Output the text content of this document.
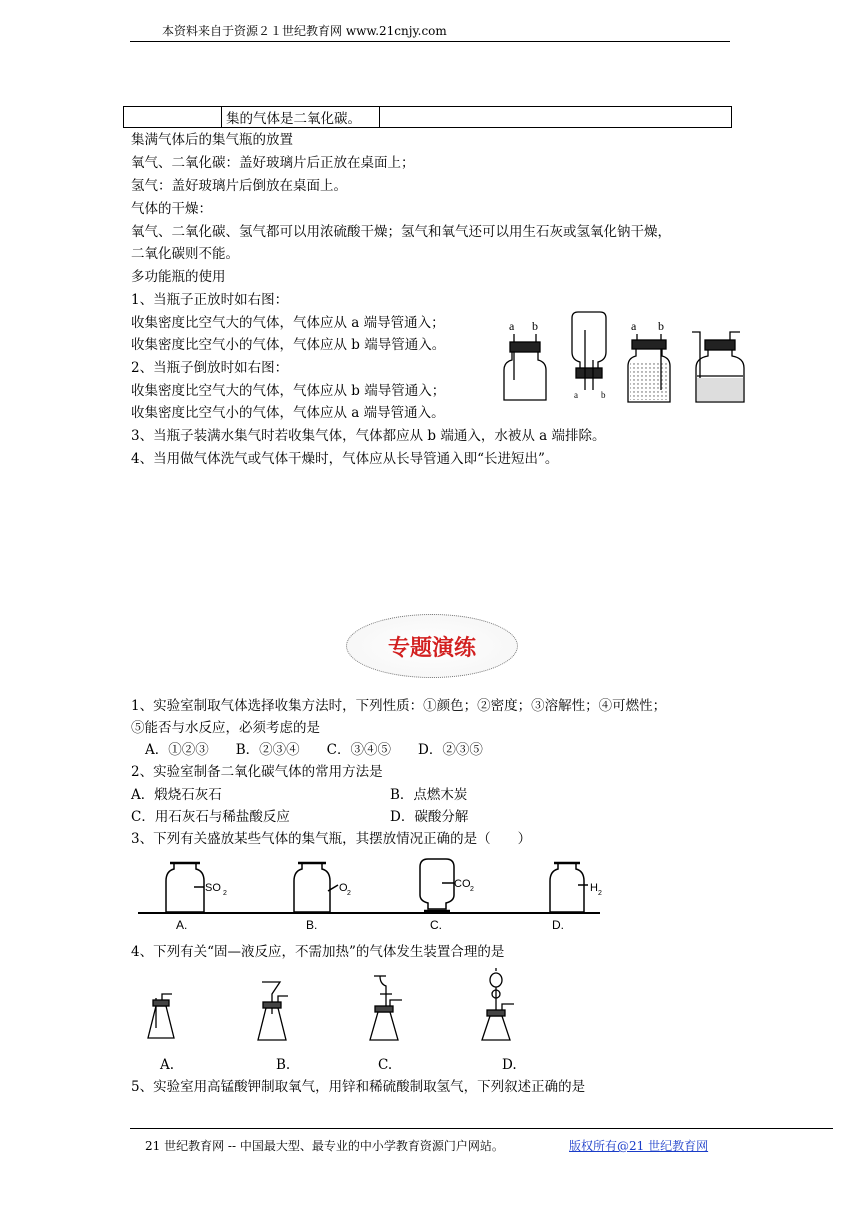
本资料来自于资源２１世纪教育网 www.21cnjy.com
	集的气体是二氧化碳。	
集满气体后的集气瓶的放置
氧气、二氧化碳：盖好玻璃片后正放在桌面上；
氢气：盖好玻璃片后倒放在桌面上。
气体的干燥：
氧气、二氧化碳、氢气都可以用浓硫酸干燥；氢气和氧气还可以用生石灰或氢氧化钠干燥，
二氧化碳则不能。
多功能瓶的使用
1、当瓶子正放时如右图：
收集密度比空气大的气体，气体应从 a 端导管通入；
收集密度比空气小的气体，气体应从 b 端导管通入。
2、当瓶子倒放时如右图：
收集密度比空气大的气体，气体应从 b 端导管通入；
收集密度比空气小的气体，气体应从 a 端导管通入。
3、当瓶子装满水集气时若收集气体，气体都应从 b 端通入，水被从 a 端排除。
4、当用做气体洗气或气体干燥时，气体应从长导管通入即“长进短出”。
a b
a	b
a b
专题演练
1、实验室制取气体选择收集方法时，下列性质：①颜色；②密度；③溶解性；④可燃性；
⑤能否与水反应，必须考虑的是
A．①②③　　B．②③④　　C．③④⑤　　D．②③⑤
2、实验室制备二氧化碳气体的常用方法是
A．煅烧石灰石	B．点燃木炭
C．用石灰石与稀盐酸反应	D．碳酸分解
3、下列有关盛放某些气体的集气瓶，其摆放情况正确的是（　　）
SO 2
A.
O 2
B.
CO 2
C.
H 2
D.
4、下列有关“固—液反应，不需加热”的气体发生装置合理的是
A.	B.	C.	D.
5、实验室用高锰酸钾制取氧气，用锌和稀硫酸制取氢气，下列叙述正确的是
21 世纪教育网 -- 中国最大型、最专业的中小学教育资源门户网站。	版权所有@21 世纪教育网
